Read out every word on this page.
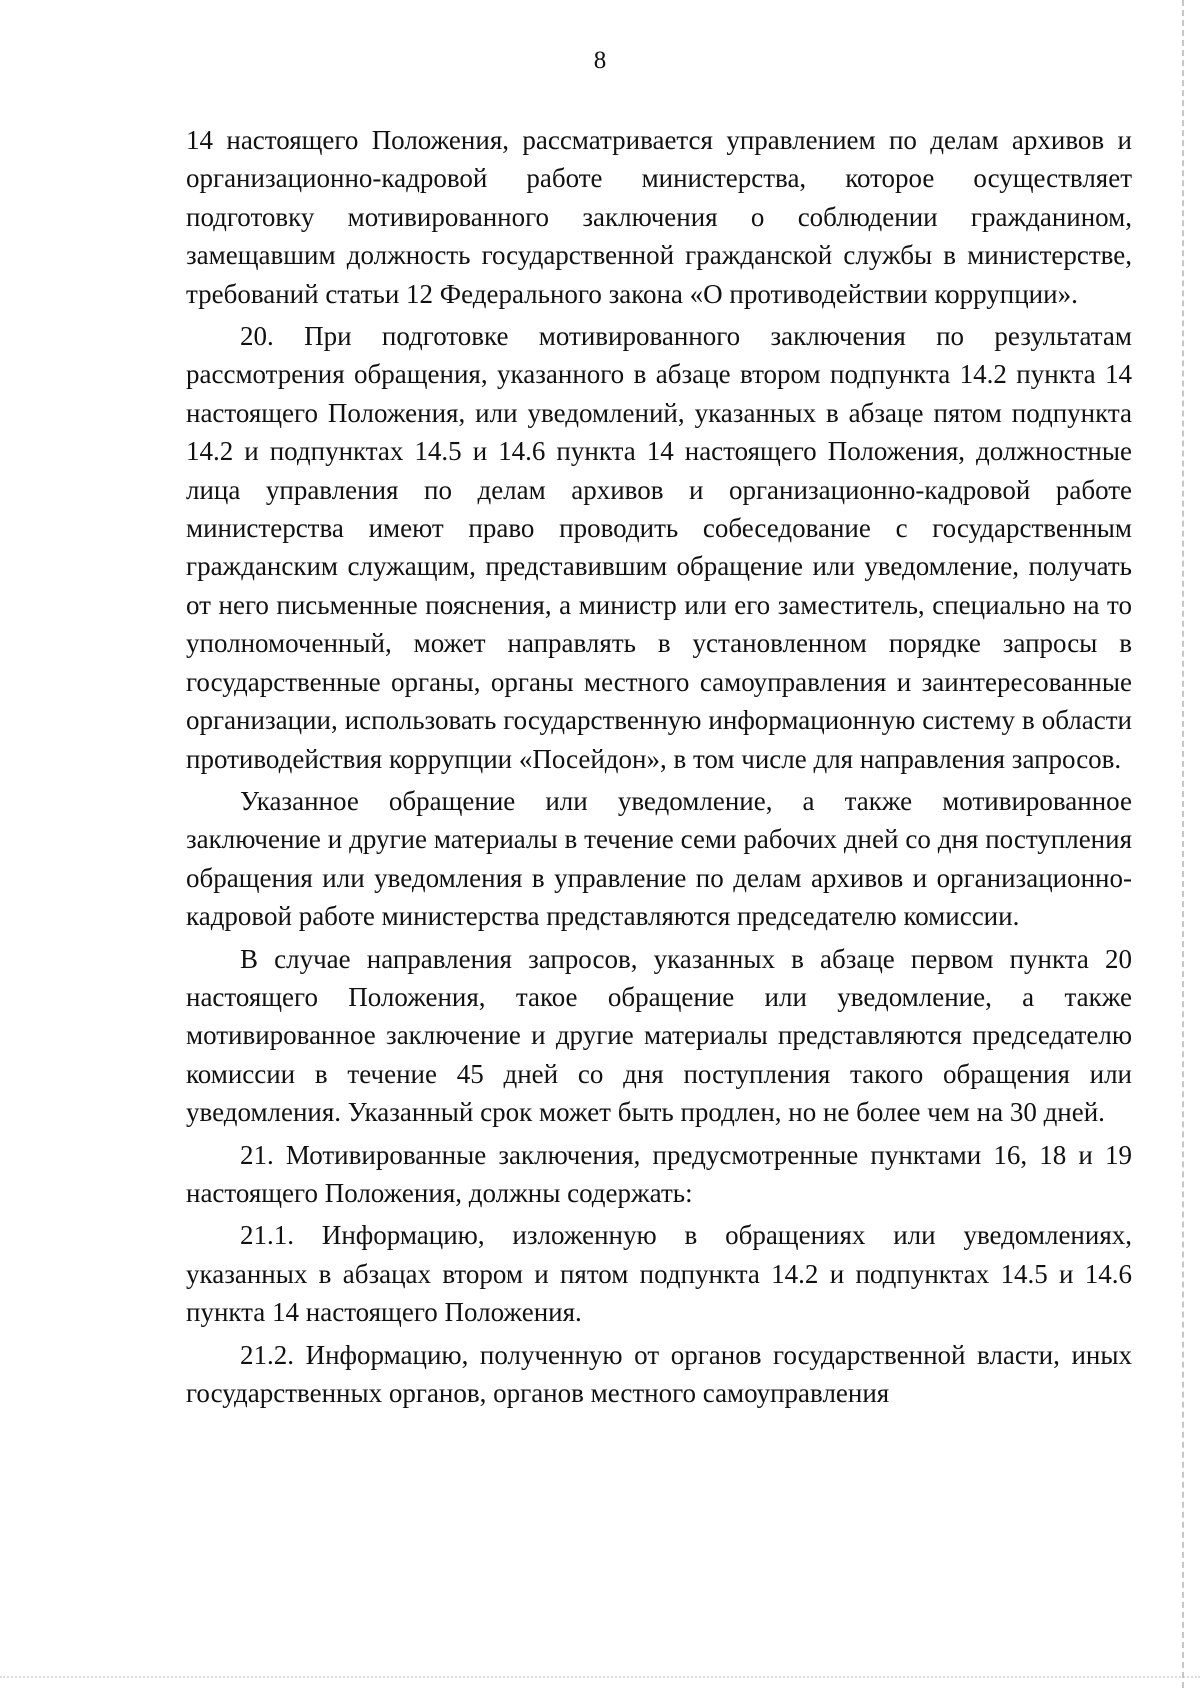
8

14 настоящего Положения, рассматривается управлением по делам архивов и организационно-кадровой работе министерства, которое осуществляет подготовку мотивированного заключения о соблюдении гражданином, замещавшим должность государственной гражданской службы в министерстве, требований статьи 12 Федерального закона «О противодействии коррупции».

20. При подготовке мотивированного заключения по результатам рассмотрения обращения, указанного в абзаце втором подпункта 14.2 пункта 14 настоящего Положения, или уведомлений, указанных в абзаце пятом подпункта 14.2 и подпунктах 14.5 и 14.6 пункта 14 настоящего Положения, должностные лица управления по делам архивов и организационно-кадровой работе министерства имеют право проводить собеседование с государственным гражданским служащим, представившим обращение или уведомление, получать от него письменные пояснения, а министр или его заместитель, специально на то уполномоченный, может направлять в установленном порядке запросы в государственные органы, органы местного самоуправления и заинтересованные организации, использовать государственную информационную систему в области противодействия коррупции «Посейдон», в том числе для направления запросов.

Указанное обращение или уведомление, а также мотивированное заключение и другие материалы в течение семи рабочих дней со дня поступления обращения или уведомления в управление по делам архивов и организационно-кадровой работе министерства представляются председателю комиссии.

В случае направления запросов, указанных в абзаце первом пункта 20 настоящего Положения, такое обращение или уведомление, а также мотивированное заключение и другие материалы представляются председателю комиссии в течение 45 дней со дня поступления такого обращения или уведомления. Указанный срок может быть продлен, но не более чем на 30 дней.

21. Мотивированные заключения, предусмотренные пунктами 16, 18 и 19 настоящего Положения, должны содержать:

21.1. Информацию, изложенную в обращениях или уведомлениях, указанных в абзацах втором и пятом подпункта 14.2 и подпунктах 14.5 и 14.6 пункта 14 настоящего Положения.

21.2. Информацию, полученную от органов государственной власти, иных государственных органов, органов местного самоуправления
